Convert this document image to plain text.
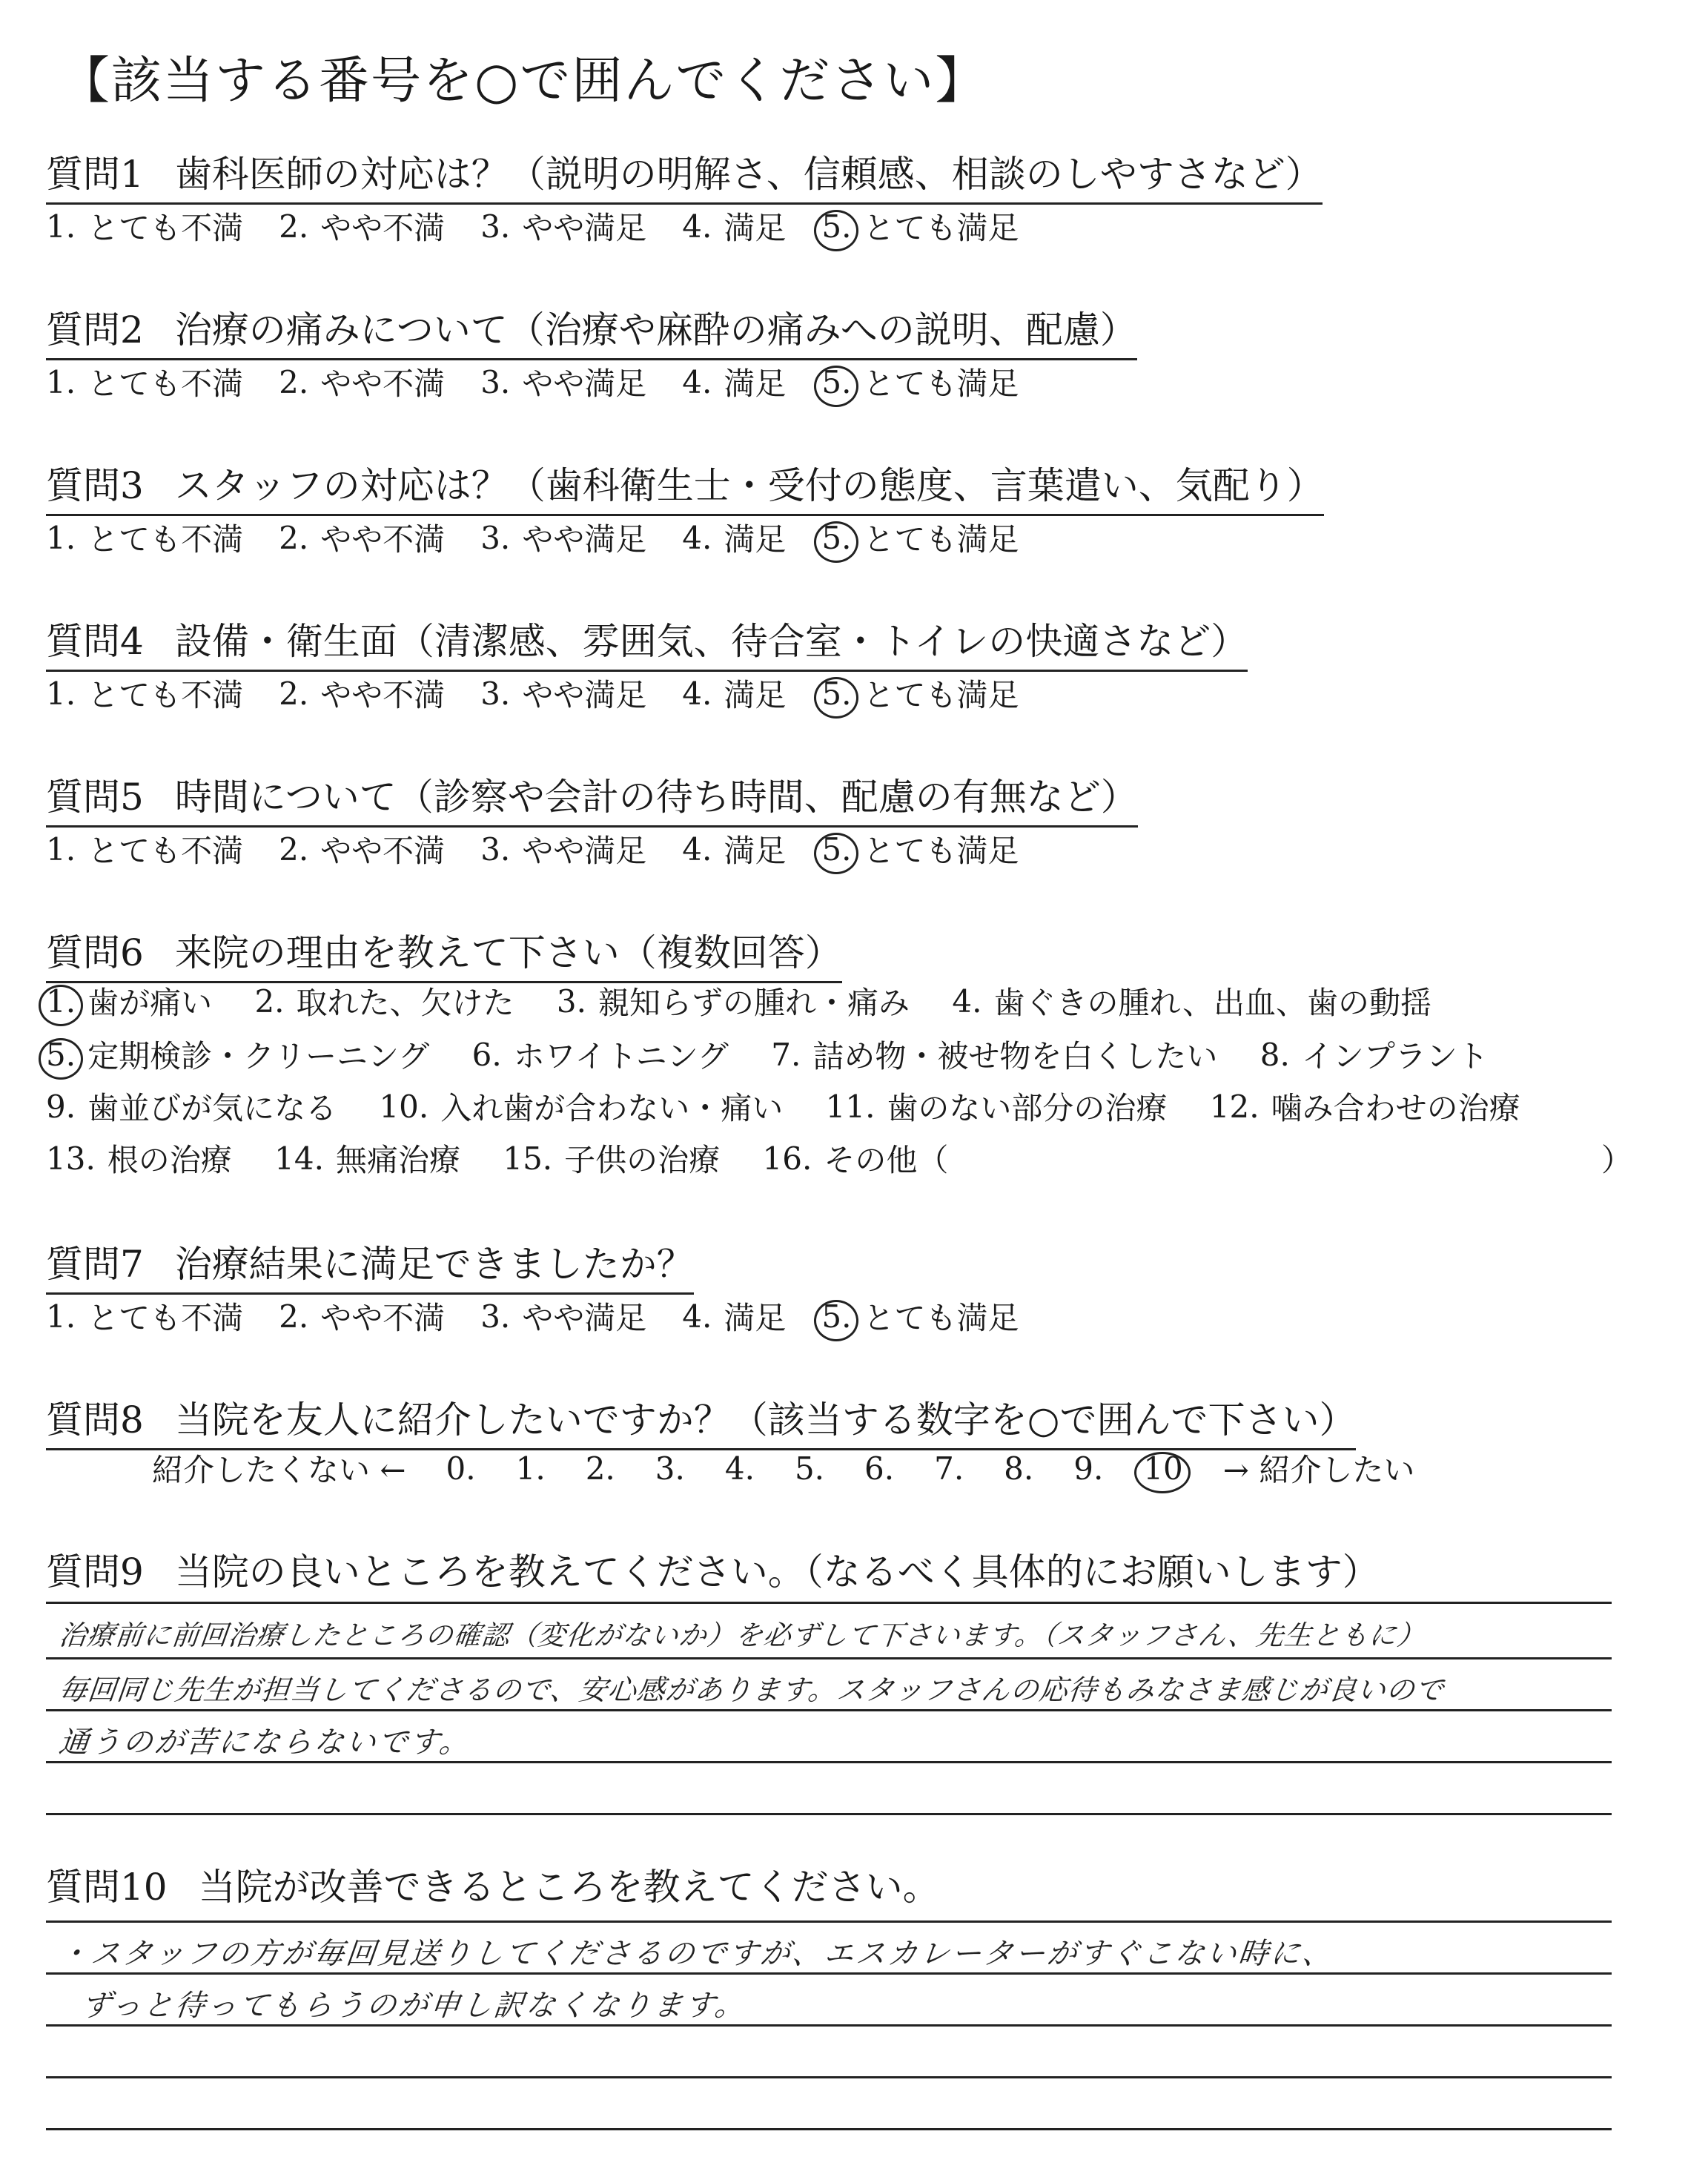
【該当する番号を○で囲んでください】
質問1 歯科医師の対応は？（説明の明解さ、信頼感、相談のしやすさなど）
1. とても不満 2. やや不満 3. やや満足 4. 満足 5. とても満足
質問2 治療の痛みについて（治療や麻酔の痛みへの説明、配慮）
1. とても不満 2. やや不満 3. やや満足 4. 満足 5. とても満足
質問3 スタッフの対応は？（歯科衛生士・受付の態度、言葉遣い、気配り）
1. とても不満 2. やや不満 3. やや満足 4. 満足 5. とても満足
質問4 設備・衛生面（清潔感、雰囲気、待合室・トイレの快適さなど）
1. とても不満 2. やや不満 3. やや満足 4. 満足 5. とても満足
質問5 時間について（診察や会計の待ち時間、配慮の有無など）
1. とても不満 2. やや不満 3. やや満足 4. 満足 5. とても満足
質問6 来院の理由を教えて下さい（複数回答）
1. 歯が痛い
2. 取れた、欠けた
3. 親知らずの腫れ・痛み
4. 歯ぐきの腫れ、出血、歯の動揺
5. 定期検診・クリーニング
6. ホワイトニング
7. 詰め物・被せ物を白くしたい
8. インプラント
9. 歯並びが気になる
10. 入れ歯が合わない・痛い
11. 歯のない部分の治療
12. 噛み合わせの治療
13. 根の治療
14. 無痛治療
15. 子供の治療
16. その他（	）
質問7 治療結果に満足できましたか？
1. とても不満 2. やや不満 3. やや満足 4. 満足 5. とても満足
質問8 当院を友人に紹介したいですか？（該当する数字を○で囲んで下さい）
紹介したくない ← 0. 1. 2. 3. 4. 5. 6. 7. 8. 9. 10 → 紹介したい
質問9 当院の良いところを教えてください。（なるべく具体的にお願いします）
治療前に前回治療したところの確認（変化がないか）を必ずして下さいます。（スタッフさん、先生ともに）
毎回同じ先生が担当してくださるので、安心感があります。スタッフさんの応待もみなさま感じが良いので
通うのが苦にならないです。
質問10 当院が改善できるところを教えてください。
・スタッフの方が毎回見送りしてくださるのですが、エスカレーターがすぐこない時に、
ずっと待ってもらうのが申し訳なくなります。
